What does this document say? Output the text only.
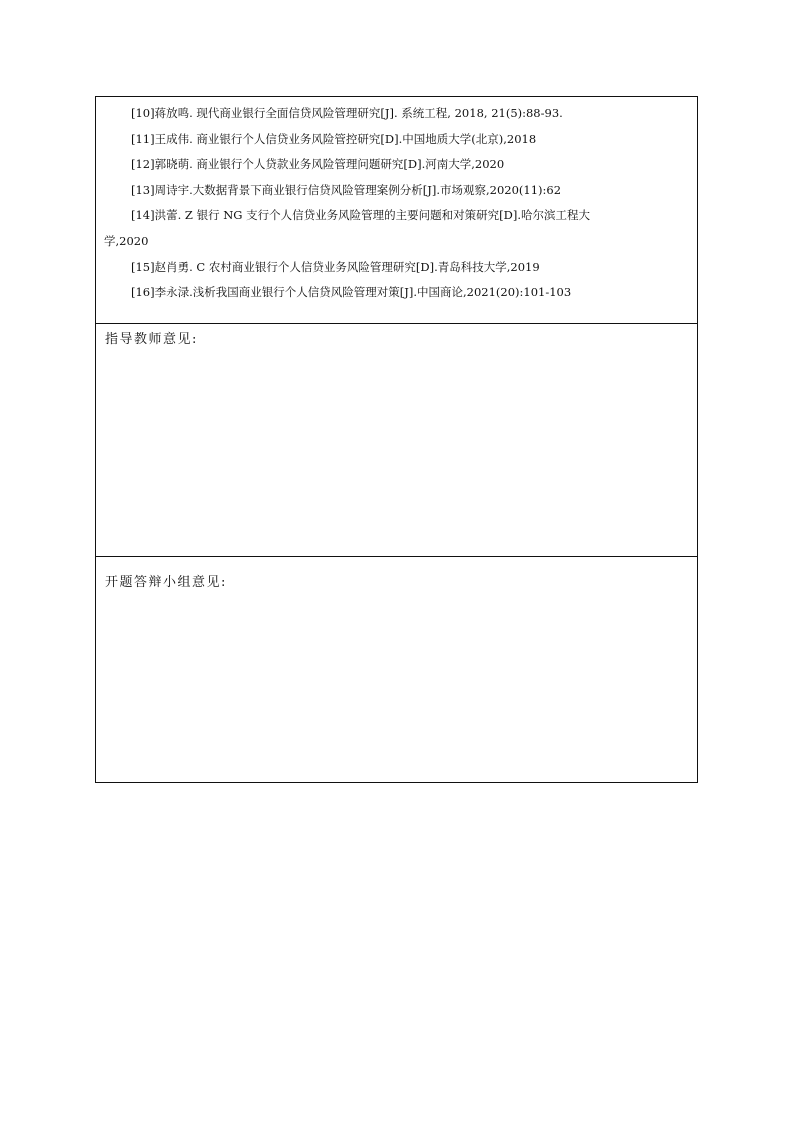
[10]蒋放鸣. 现代商业银行全面信贷风险管理研究[J]. 系统工程, 2018, 21(5):88-93.
[11]王成伟. 商业银行个人信贷业务风险管控研究[D].中国地质大学(北京),2018
[12]郭晓萌. 商业银行个人贷款业务风险管理问题研究[D].河南大学,2020
[13]周诗宇.大数据背景下商业银行信贷风险管理案例分析[J].市场观察,2020(11):62
[14]洪蕾. Z 银行 NG 支行个人信贷业务风险管理的主要问题和对策研究[D].哈尔滨工程大
学,2020
[15]赵肖勇. C 农村商业银行个人信贷业务风险管理研究[D].青岛科技大学,2019
[16]李永渌.浅析我国商业银行个人信贷风险管理对策[J].中国商论,2021(20):101-103
指导教师意见:
开题答辩小组意见:
